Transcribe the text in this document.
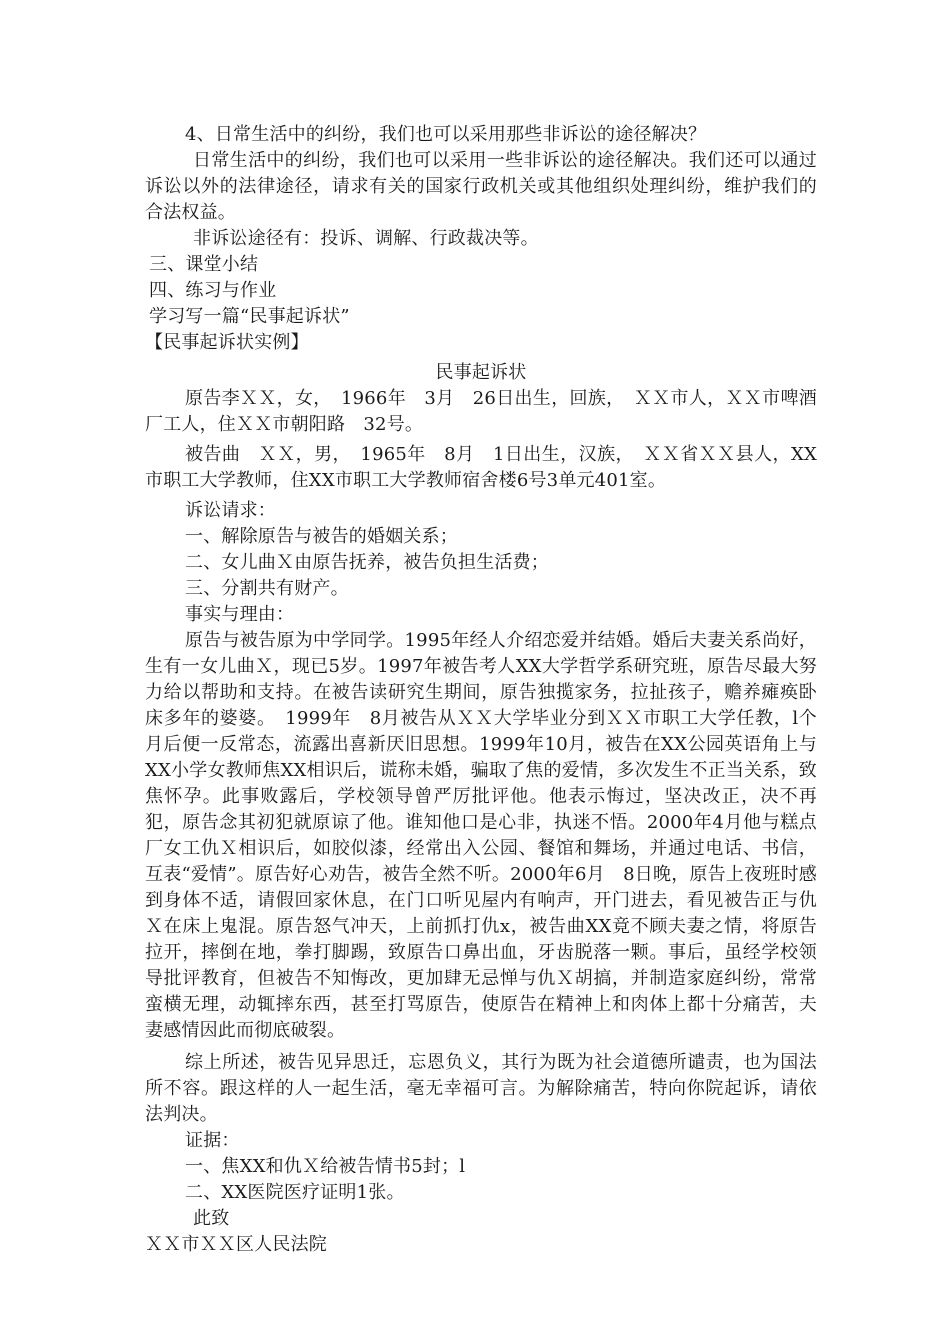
4、日常生活中的纠纷，我们也可以采用那些非诉讼的途径解决？

日常生活中的纠纷，我们也可以采用一些非诉讼的途径解决。我们还可以通过诉讼以外的法律途径，请求有关的国家行政机关或其他组织处理纠纷，维护我们的合法权益。

非诉讼途径有：投诉、调解、行政裁决等。

三、课堂小结

四、练习与作业

学习写一篇“民事起诉状”

【民事起诉状实例】

民事起诉状

原告李ＸＸ，女，　1966年　3月　26日出生，回族，　ＸＸ市人，ＸＸ市啤酒厂工人，住ＸＸ市朝阳路　32号。

被告曲　ＸＸ，男，　1965年　8月　1日出生，汉族，　ＸＸ省ＸＸ县人，XX市职工大学教师，住XX市职工大学教师宿舍楼6号3单元401室。

诉讼请求：

一、解除原告与被告的婚姻关系；

二、女儿曲Ｘ由原告抚养，被告负担生活费；

三、分割共有财产。

事实与理由：

原告与被告原为中学同学。1995年经人介绍恋爱并结婚。婚后夫妻关系尚好，生有一女儿曲Ｘ，现已5岁。1997年被告考人XX大学哲学系研究班，原告尽最大努力给以帮助和支持。在被告读研究生期间，原告独揽家务，拉扯孩子，赡养瘫痪卧床多年的婆婆。　1999年　8月被告从ＸＸ大学毕业分到ＸＸ市职工大学任教，l个月后便一反常态，流露出喜新厌旧思想。1999年10月，被告在XX公园英语角上与XX小学女教师焦XX相识后，谎称未婚，骗取了焦的爱情，多次发生不正当关系，致焦怀孕。此事败露后，学校领导曾严厉批评他。他表示悔过，坚决改正，决不再犯，原告念其初犯就原谅了他。谁知他口是心非，执迷不悟。2000年4月他与糕点厂女工仇Ｘ相识后，如胶似漆，经常出入公园、餐馆和舞场，并通过电话、书信，互表“爱情”。原告好心劝告，被告全然不听。2000年6月　8日晚，原告上夜班时感到身体不适，请假回家休息，在门口听见屋内有响声，开门进去，看见被告正与仇Ｘ在床上鬼混。原告怒气冲天，上前抓打仇x，被告曲XX竟不顾夫妻之情，将原告拉开，摔倒在地，拳打脚踢，致原告口鼻出血，牙齿脱落一颗。事后，虽经学校领导批评教育，但被告不知悔改，更加肆无忌惮与仇Ｘ胡搞，并制造家庭纠纷，常常蛮横无理，动辄摔东西，甚至打骂原告，使原告在精神上和肉体上都十分痛苦，夫妻感情因此而彻底破裂。

综上所述，被告见异思迁，忘恩负义，其行为既为社会道德所谴责，也为国法所不容。跟这样的人一起生活，毫无幸福可言。为解除痛苦，特向你院起诉，请依法判决。

证据：

一、焦XX和仇Ｘ给被告情书5封；l

二、XX医院医疗证明1张。

此致

ＸＸ市ＸＸ区人民法院
